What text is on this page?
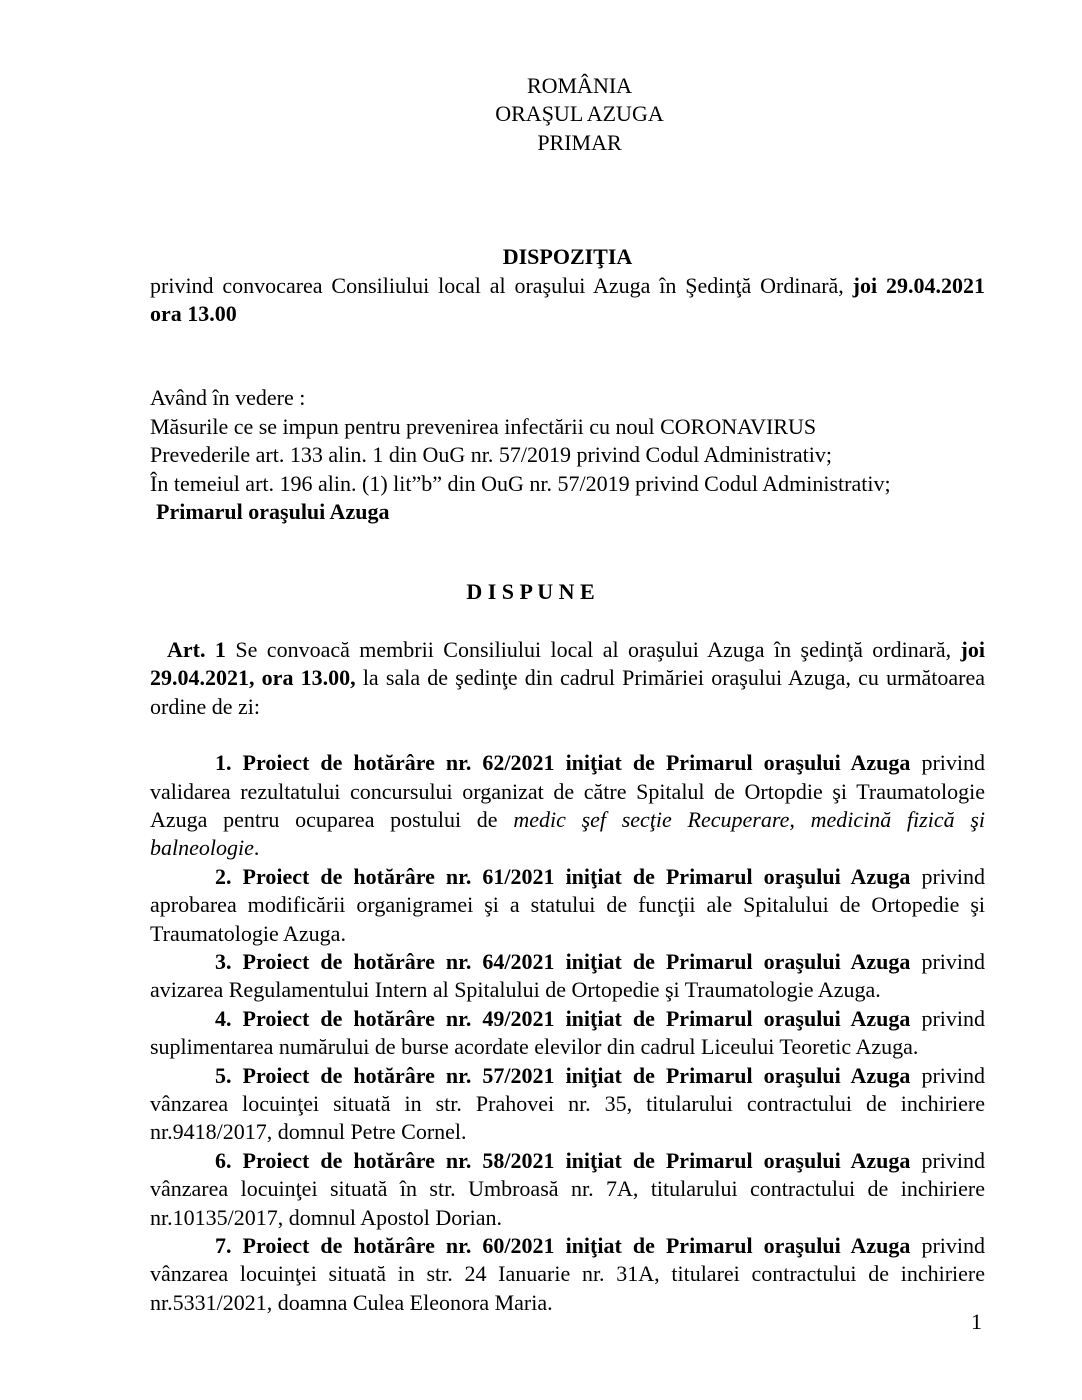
ROMÂNIA

ORAŞUL AZUGA

PRIMAR

DISPOZIŢIA

privind convocarea Consiliului local al oraşului Azuga în Şedinţă Ordinară, joi 29.04.2021 ora 13.00

Având în vedere :

Măsurile ce se impun pentru prevenirea infectării cu noul CORONAVIRUS

Prevederile art. 133 alin. 1 din OuG nr. 57/2019 privind Codul Administrativ;

În temeiul art. 196 alin. (1) lit”b” din OuG nr. 57/2019 privind Codul Administrativ;

Primarul oraşului Azuga

D I S P U N E

Art. 1 Se convoacă membrii Consiliului local al oraşului Azuga în şedinţă ordinară, joi 29.04.2021, ora 13.00, la sala de şedinţe din cadrul Primăriei oraşului Azuga, cu următoarea ordine de zi:

1. Proiect de hotărâre nr. 62/2021 iniţiat de Primarul oraşului Azuga privind validarea rezultatului concursului organizat de către Spitalul de Ortopdie şi Traumatologie Azuga pentru ocuparea postului de medic şef secţie Recuperare, medicină fizică şi balneologie.

2. Proiect de hotărâre nr. 61/2021 iniţiat de Primarul oraşului Azuga privind aprobarea modificării organigramei şi a statului de funcţii ale Spitalului de Ortopedie şi Traumatologie Azuga.

3. Proiect de hotărâre nr. 64/2021 iniţiat de Primarul oraşului Azuga privind avizarea Regulamentului Intern al Spitalului de Ortopedie şi Traumatologie Azuga.

4. Proiect de hotărâre nr. 49/2021 iniţiat de Primarul oraşului Azuga privind suplimentarea numărului de burse acordate elevilor din cadrul Liceului Teoretic Azuga.

5. Proiect de hotărâre nr. 57/2021 iniţiat de Primarul oraşului Azuga privind vânzarea locuinţei situată in str. Prahovei nr. 35, titularului contractului de inchiriere nr.9418/2017, domnul Petre Cornel.

6. Proiect de hotărâre nr. 58/2021 iniţiat de Primarul oraşului Azuga privind vânzarea locuinţei situată în str. Umbroasă nr. 7A, titularului contractului de inchiriere nr.10135/2017, domnul Apostol Dorian.

7. Proiect de hotărâre nr. 60/2021 iniţiat de Primarul oraşului Azuga privind vânzarea locuinţei situată in str. 24 Ianuarie nr. 31A, titularei contractului de inchiriere nr.5331/2021, doamna Culea Eleonora Maria.

1
